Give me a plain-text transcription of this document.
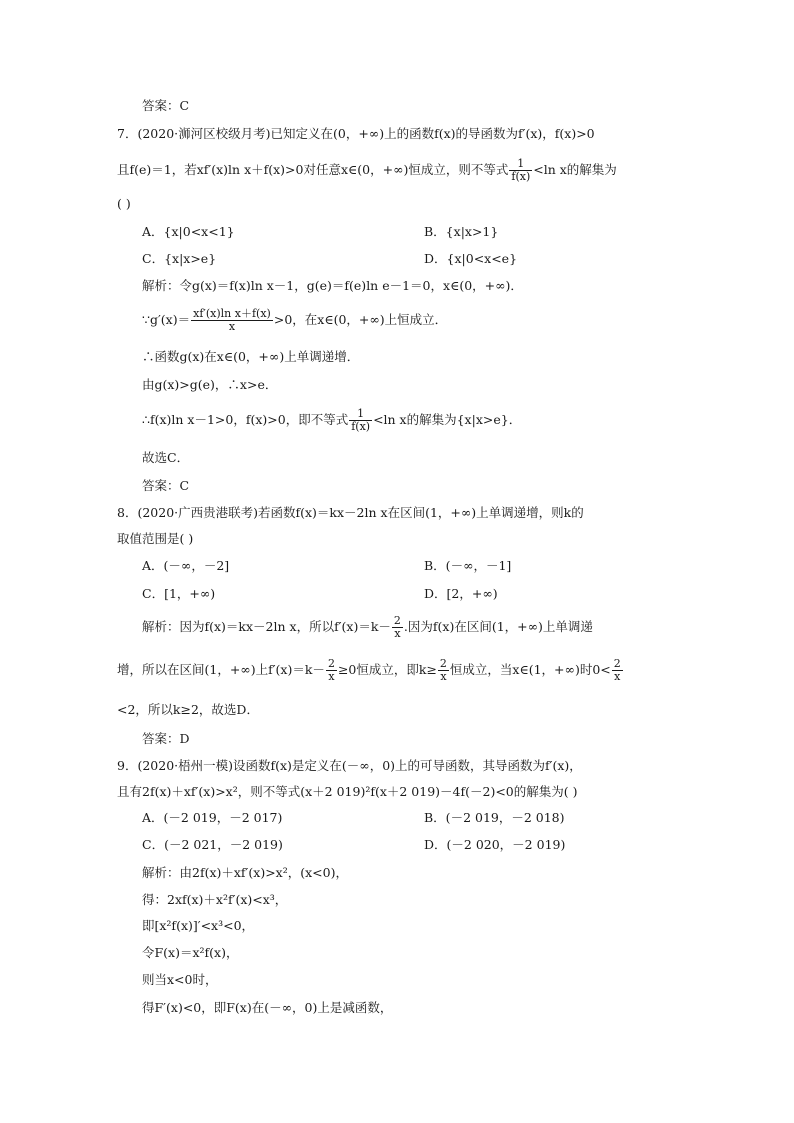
答案：C
7．(2020·浉河区校级月考)已知定义在(0，+∞)上的函数f(x)的导函数为f′(x)，f(x)>0
且f(e)＝1，若xf′(x)ln x＋f(x)>0对任意x∈(0，+∞)恒成立，则不等式 $\frac{1}{f(x)} <\ln$ x的解集为
( )
A．{x|0<x<1}	B．{x|x>1}
C．{x|x>e}	D．{x|0<x<e}
解析：令g(x)＝f(x)ln x－1，g(e)＝f(e)ln e－1＝0，x∈(0，+∞)．
∵g′(x)＝ $\frac{\text{xf′(x)ln x＋f(x)}}{x} >0$，在x∈(0，+∞)上恒成立．
∴函数g(x)在x∈(0，+∞)上单调递增．
由g(x)>g(e)，∴x>e．
∴f(x)ln x－1>0，f(x)>0，即不等式 $\frac{1}{f(x)} <\ln$ x的解集为{x|x>e}．
故选C．
答案：C
8．(2020·广西贵港联考)若函数f(x)＝kx－2ln x在区间(1，+∞)上单调递增，则k的
取值范围是( )
A．(－∞，－2]	B．(－∞，－1]
C．[1，+∞)	D．[2，+∞)
解析：因为f(x)＝kx－2ln x，所以$f'(x)=k- \frac{2}{x}$ .因为f(x)在区间(1，+∞)上单调递
增，所以在区间(1，+∞)上$f'(x)=k- \frac{2}{x} \ge 0$恒成立，即$k\ge \frac{2}{x}$ 恒成立，当x∈(1，+∞)时$0< \frac{2}{x}$
<2，所以k≥2，故选D．
答案：D
9．(2020·梧州一模)设函数f(x)是定义在(－∞，0)上的可导函数，其导函数为f′(x)，
且有2f(x)＋xf′(x)>x²，则不等式(x＋2 019)²f(x＋2 019)－4f(－2)<0的解集为( )
A．(－2 019，－2 017)	B．(－2 019，－2 018)
C．(－2 021，－2 019)	D．(－2 020，－2 019)
解析：由2f(x)＋xf′(x)>x²，(x<0)，
得：2xf(x)＋x²f′(x)<x³，
即[x²f(x)]′<x³<0，
令F(x)＝x²f(x)，
则当x<0时，
得F′(x)<0，即F(x)在(－∞，0)上是减函数，
